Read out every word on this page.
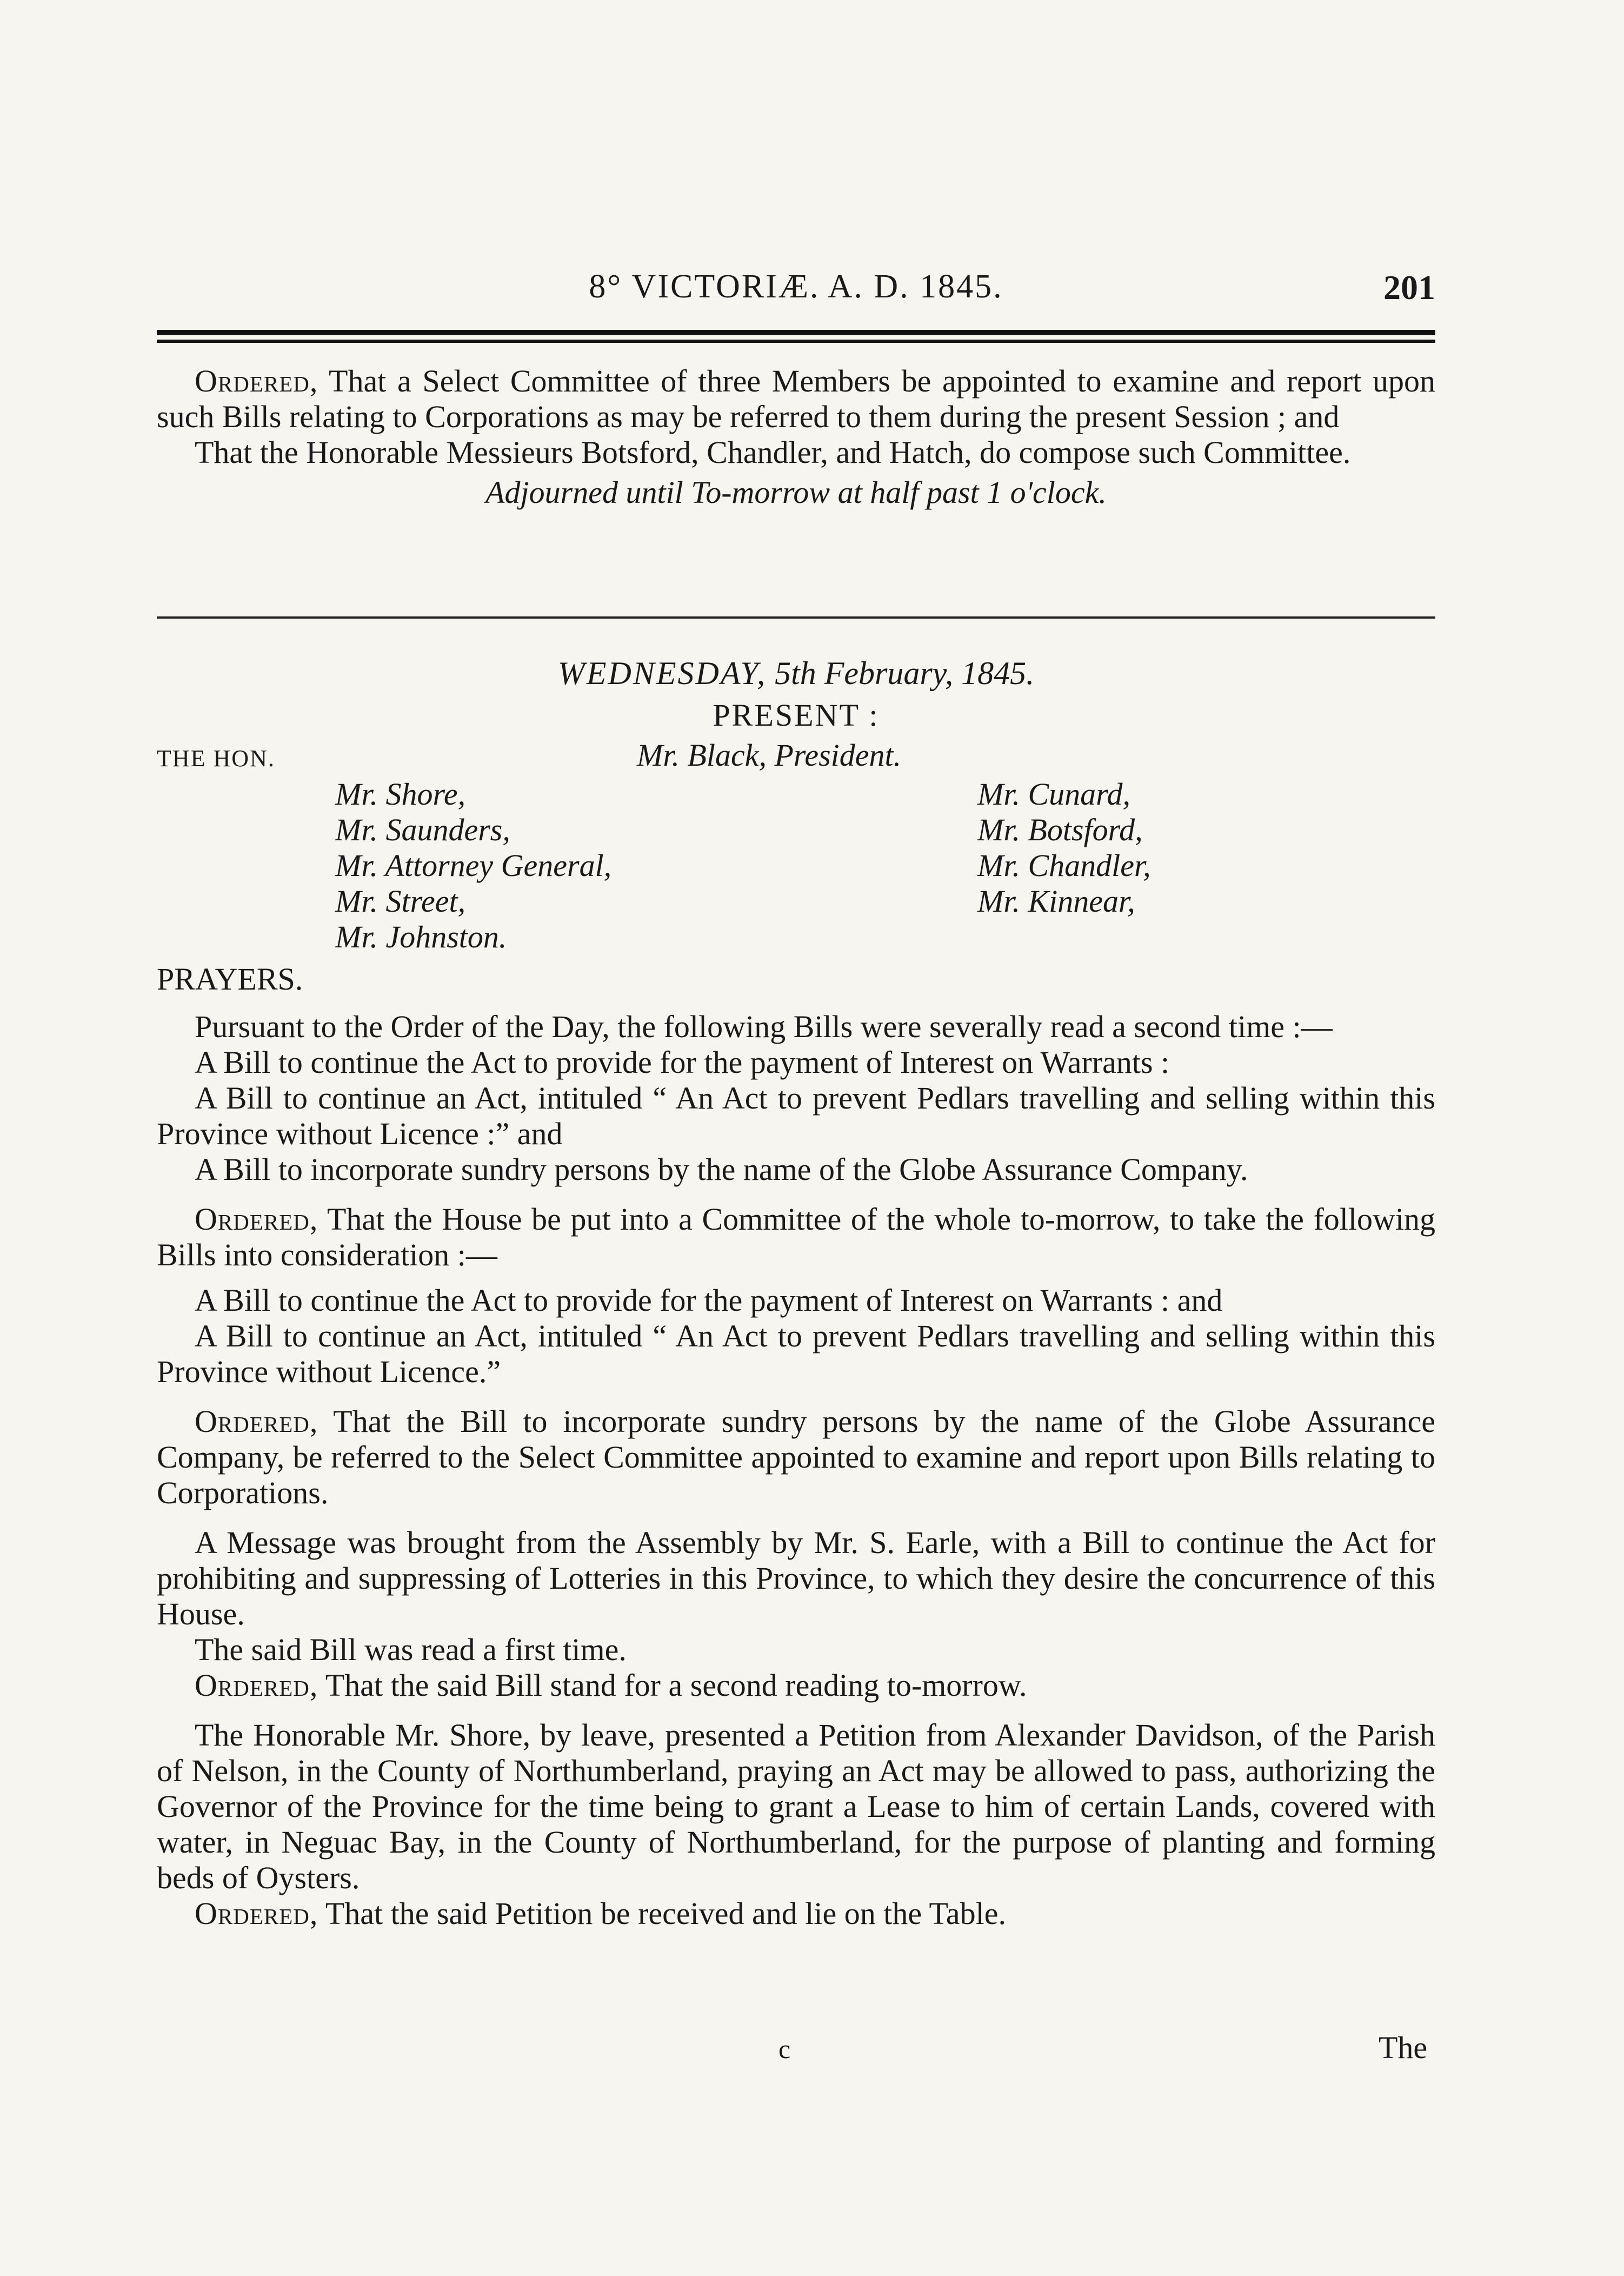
8° VICTORIÆ. A. D. 1845.	201

Ordered, That a Select Committee of three Members be appointed to examine and report upon such Bills relating to Corporations as may be referred to them during the present Session ; and

That the Honorable Messieurs Botsford, Chandler, and Hatch, do compose such Committee.

Adjourned until To-morrow at half past 1 o'clock.

WEDNESDAY, 5th February, 1845.
PRESENT :
THE HON.	Mr. Black, President.
Mr. Shore,
Mr. Saunders,
Mr. Attorney General,
Mr. Street,
Mr. Johnston.
Mr. Cunard,
Mr. Botsford,
Mr. Chandler,
Mr. Kinnear,
PRAYERS.

Pursuant to the Order of the Day, the following Bills were severally read a second time :—

A Bill to continue the Act to provide for the payment of Interest on Warrants :

A Bill to continue an Act, intituled “ An Act to prevent Pedlars travelling and selling within this Province without Licence :” and

A Bill to incorporate sundry persons by the name of the Globe Assurance Company.

Ordered, That the House be put into a Committee of the whole to-morrow, to take the following Bills into consideration :—

A Bill to continue the Act to provide for the payment of Interest on Warrants : and

A Bill to continue an Act, intituled “ An Act to prevent Pedlars travelling and selling within this Province without Licence.”

Ordered, That the Bill to incorporate sundry persons by the name of the Globe Assurance Company, be referred to the Select Committee appointed to examine and report upon Bills relating to Corporations.

A Message was brought from the Assembly by Mr. S. Earle, with a Bill to continue the Act for prohibiting and suppressing of Lotteries in this Province, to which they desire the concurrence of this House.

The said Bill was read a first time.

Ordered, That the said Bill stand for a second reading to-morrow.

The Honorable Mr. Shore, by leave, presented a Petition from Alexander Davidson, of the Parish of Nelson, in the County of Northumberland, praying an Act may be allowed to pass, authorizing the Governor of the Province for the time being to grant a Lease to him of certain Lands, covered with water, in Neguac Bay, in the County of Northumberland, for the purpose of planting and forming beds of Oysters.

Ordered, That the said Petition be received and lie on the Table.

c	The
